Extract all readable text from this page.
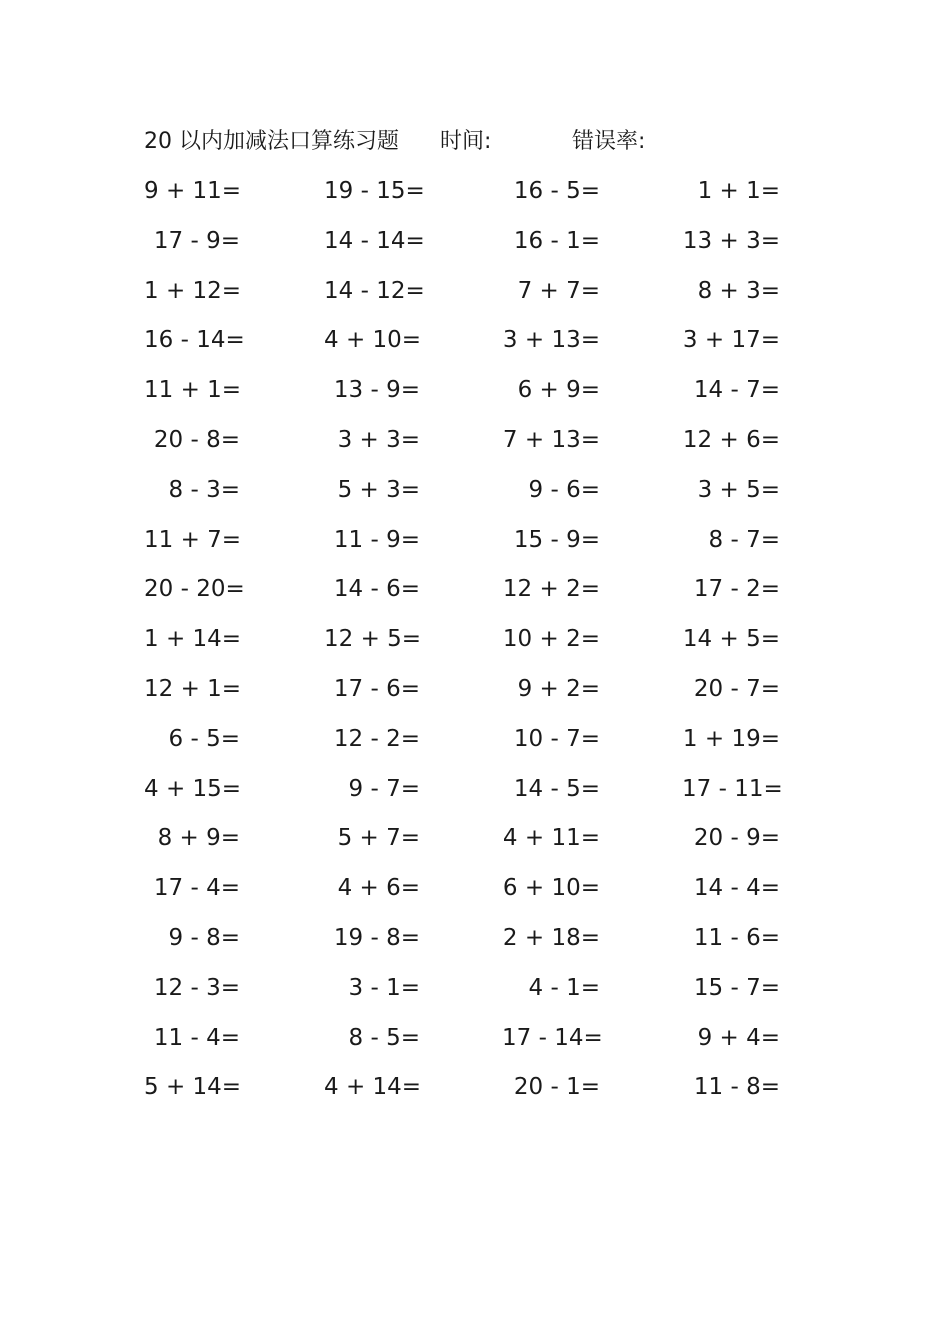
20 以内加减法口算练习题 时间:	错误率:
9 + 11=	19 - 15=	16 - 5=	1 + 1=
17 - 9=	14 - 14=	16 - 1=	13 + 3=
1 + 12=	14 - 12=	7 + 7=	8 + 3=
16 - 14=	4 + 10=	3 + 13=	3 + 17=
11 + 1=	13 - 9=	6 + 9=	14 - 7=
20 - 8=	3 + 3=	7 + 13=	12 + 6=
8 - 3=	5 + 3=	9 - 6=	3 + 5=
11 + 7=	11 - 9=	15 - 9=	8 - 7=
20 - 20=	14 - 6=	12 + 2=	17 - 2=
1 + 14=	12 + 5=	10 + 2=	14 + 5=
12 + 1=	17 - 6=	9 + 2=	20 - 7=
6 - 5=	12 - 2=	10 - 7=	1 + 19=
4 + 15=	9 - 7=	14 - 5=	17 - 11=
8 + 9=	5 + 7=	4 + 11=	20 - 9=
17 - 4=	4 + 6=	6 + 10=	14 - 4=
9 - 8=	19 - 8=	2 + 18=	11 - 6=
12 - 3=	3 - 1=	4 - 1=	15 - 7=
11 - 4=	8 - 5=	17 - 14=	9 + 4=
5 + 14=	4 + 14=	20 - 1=	11 - 8=
